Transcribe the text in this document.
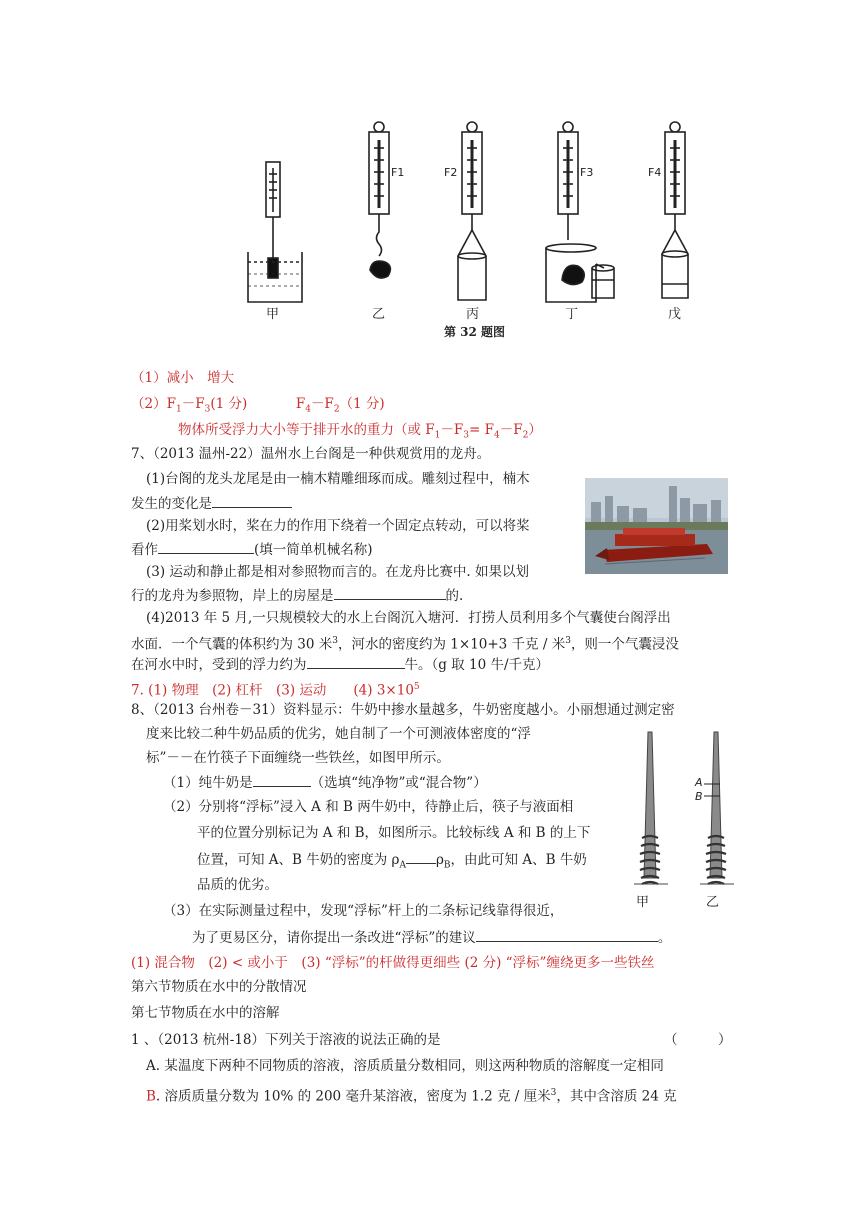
F1	F2	F3	F4
甲	乙	丙	丁	戊
第 32 题图
（1）减小　增大
$(2)F_1-F_3(1$ 分)	$F_4-F_2(1$ 分)
物体所受浮力大小等于排开水的重力（或 $F_1-F_3= F_4-F_2$）
7、（2013 温州-22）温州水上台阁是一种供观赏用的龙舟。
(1)台阁的龙头龙尾是由一楠木精雕细琢而成。雕刻过程中，楠木
发生的变化是
(2)用桨划水时，桨在力的作用下绕着一个固定点转动，可以将桨
看作	(填一简单机械名称)
(3) 运动和静止都是相对参照物而言的。在龙舟比赛中. 如果以划
行的龙舟为参照物，岸上的房屋是	的.
(4)2013 年 5 月,一只规模较大的水上台阁沉入塘河．打捞人员利用多个气囊使台阁浮出
水面．一个气囊的体积约为 30 米$^3$，河水的密度约为 1×10+3 千克 / 米$^3$，则一个气囊浸没
在河水中时，受到的浮力约为	牛。（g 取 10 牛/千克）
7. (1) 物理　(2) 杠杆　(3) 运动　　(4) $3\times 10^5$
8、（2013 台州卷－31）资料显示：牛奶中掺水量越多，牛奶密度越小。小丽想通过测定密
度来比较二种牛奶品质的优劣，她自制了一个可测液体密度的“浮
标”－－在竹筷子下面缠绕一些铁丝，如图甲所示。
（1）纯牛奶是	（选填“纯净物”或“混合物”）
（2）分别将“浮标”浸入 A 和 B 两牛奶中，待静止后，筷子与液面相
平的位置分别标记为 A 和 B，如图所示。比较标线 A 和 B 的上下
位置，可知 A、B 牛奶的密度为 $\rho_A$ $\rho_B$，由此可知 A、B 牛奶
品质的优劣。
（3）在实际测量过程中，发现“浮标”杆上的二条标记线靠得很近，
为了更易区分，请你提出一条改进“浮标”的建议	。
A
B
甲	乙
(1) 混合物　(2) < 或小于　(3) “浮标”的杆做得更细些 (2 分) “浮标”缠绕更多一些铁丝
第六节物质在水中的分散情况
第七节物质在水中的溶解
1 、（2013 杭州-18）下列关于溶液的说法正确的是	（　　　）
A. 某温度下两种不同物质的溶液，溶质质量分数相同，则这两种物质的溶解度一定相同
B. 溶质质量分数为 10% 的 200 毫升某溶液，密度为 1.2 克 / 厘米$^3$，其中含溶质 24 克
